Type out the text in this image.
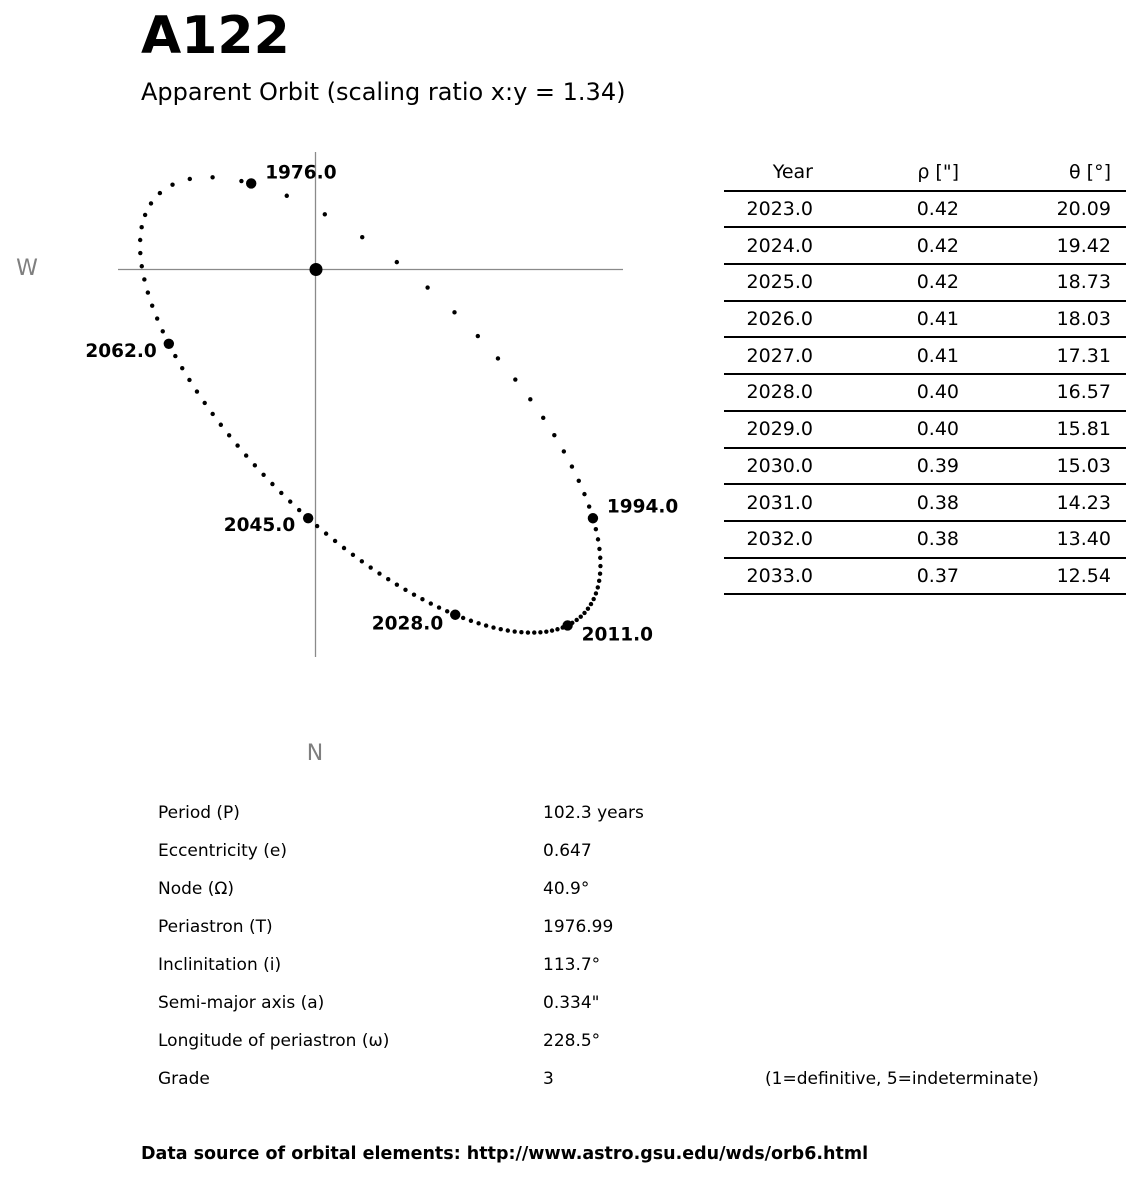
A122
Apparent Orbit (scaling ratio x:y = 1.34)
W
N
1976.0
1994.0
2011.0
2028.0
2045.0
2062.0
Year	ρ ["]	θ [°]
2023.0	0.42	20.09
2024.0	0.42	19.42
2025.0	0.42	18.73
2026.0	0.41	18.03
2027.0	0.41	17.31
2028.0	0.40	16.57
2029.0	0.40	15.81
2030.0	0.39	15.03
2031.0	0.38	14.23
2032.0	0.38	13.40
2033.0	0.37	12.54
Period (P)	102.3 years
Eccentricity (e)	0.647
Node (Ω)	40.9°
Periastron (T)	1976.99
Inclinitation (i)	113.7°
Semi-major axis (a)	0.334"
Longitude of periastron (ω)	228.5°
Grade	3	(1=definitive, 5=indeterminate)
Data source of orbital elements: http://www.astro.gsu.edu/wds/orb6.html
